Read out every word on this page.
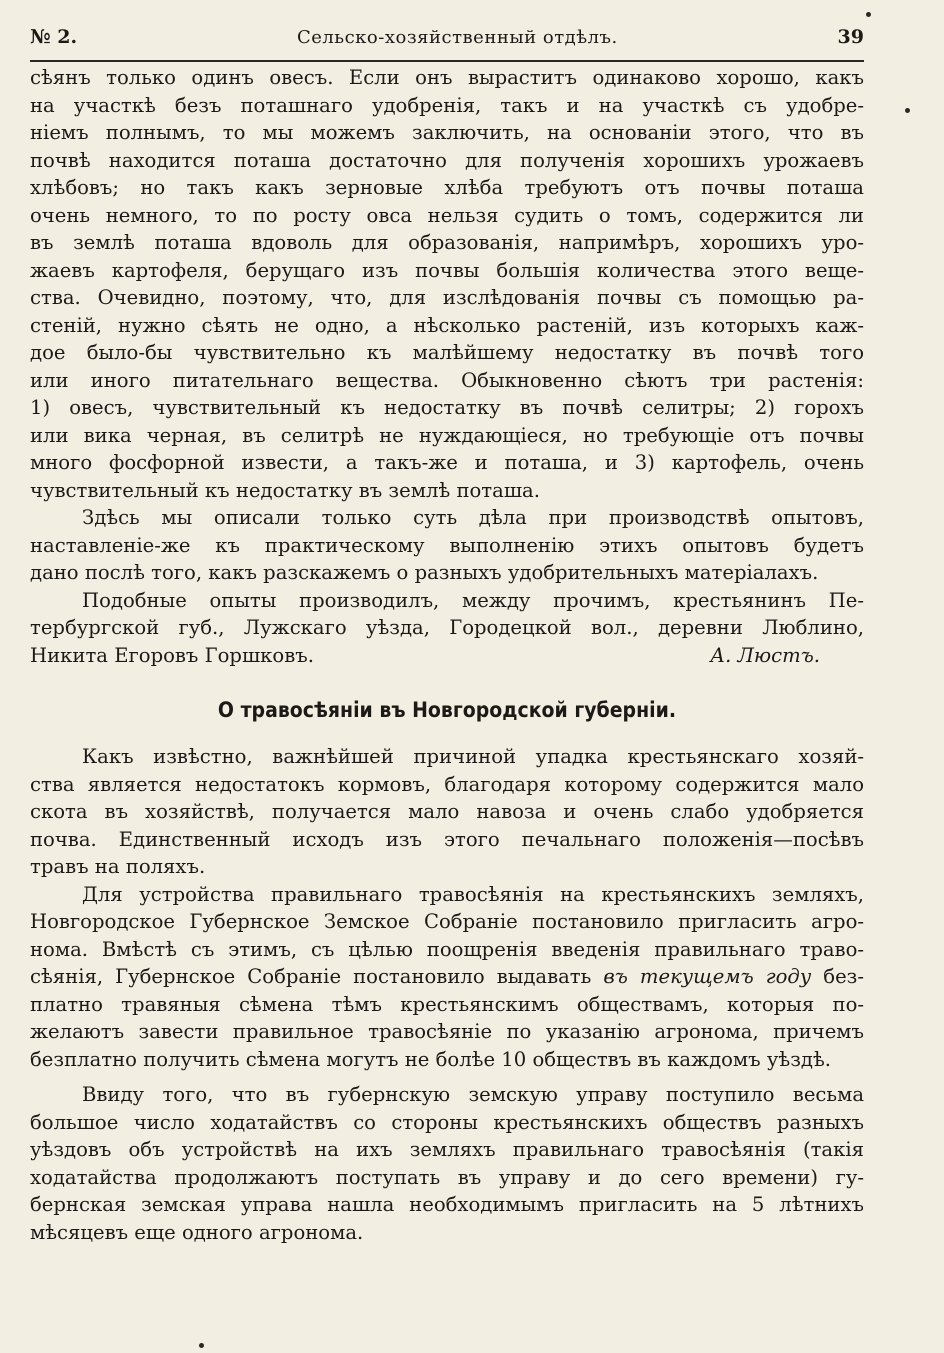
№ 2.	Сельско-хозяйственный отдѣлъ.	39
сѣянъ только одинъ овесъ. Если онъ выраститъ одинаково хорошо, какъ
на участкѣ безъ поташнаго удобренія, такъ и на участкѣ съ удобре-
ніемъ полнымъ, то мы можемъ заключить, на основаніи этого, что въ
почвѣ находится поташа достаточно для полученія хорошихъ урожаевъ
хлѣбовъ; но такъ какъ зерновые хлѣба требуютъ отъ почвы поташа
очень немного, то по росту овса нельзя судить о томъ, содержится ли
въ землѣ поташа вдоволь для образованія, напримѣръ, хорошихъ уро-
жаевъ картофеля, берущаго изъ почвы большія количества этого веще-
ства. Очевидно, поэтому, что, для изслѣдованія почвы съ помощью ра-
стеній, нужно сѣять не одно, а нѣсколько растеній, изъ которыхъ каж-
дое было-бы чувствительно къ малѣйшему недостатку въ почвѣ того
или иного питательнаго вещества. Обыкновенно сѣютъ три растенія:
1) овесъ, чувствительный къ недостатку въ почвѣ селитры; 2) горохъ
или вика черная, въ селитрѣ не нуждающіеся, но требующіе отъ почвы
много фосфорной извести, а такъ-же и поташа, и 3) картофель, очень
чувствительный къ недостатку въ землѣ поташа.
Здѣсь мы описали только суть дѣла при производствѣ опытовъ,
наставленіе-же къ практическому выполненію этихъ опытовъ будетъ
дано послѣ того, какъ разскажемъ о разныхъ удобрительныхъ матеріалахъ.
Подобные опыты производилъ, между прочимъ, крестьянинъ Пе-
тербургской губ., Лужскаго уѣзда, Городецкой вол., деревни Люблино,
Никита Егоровъ Горшковъ.	А. Люстъ.
О травосѣяніи въ Новгородской губерніи.
Какъ извѣстно, важнѣйшей причиной упадка крестьянскаго хозяй-
ства является недостатокъ кормовъ, благодаря которому содержится мало
скота въ хозяйствѣ, получается мало навоза и очень слабо удобряется
почва. Единственный исходъ изъ этого печальнаго положенія—посѣвъ
травъ на поляхъ.
Для устройства правильнаго травосѣянія на крестьянскихъ земляхъ,
Новгородское Губернское Земское Собраніе постановило пригласить агро-
нома. Вмѣстѣ съ этимъ, съ цѣлью поощренія введенія правильнаго траво-
сѣянія, Губернское Собраніе постановило выдавать въ текущемъ году без-
платно травяныя сѣмена тѣмъ крестьянскимъ обществамъ, которыя по-
желаютъ завести правильное травосѣяніе по указанію агронома, причемъ
безплатно получить сѣмена могутъ не болѣе 10 обществъ въ каждомъ уѣздѣ.
Ввиду того, что въ губернскую земскую управу поступило весьма
большое число ходатайствъ со стороны крестьянскихъ обществъ разныхъ
уѣздовъ объ устройствѣ на ихъ земляхъ правильнаго травосѣянія (такія
ходатайства продолжаютъ поступать въ управу и до сего времени) гу-
бернская земская управа нашла необходимымъ пригласить на 5 лѣтнихъ
мѣсяцевъ еще одного агронома.
